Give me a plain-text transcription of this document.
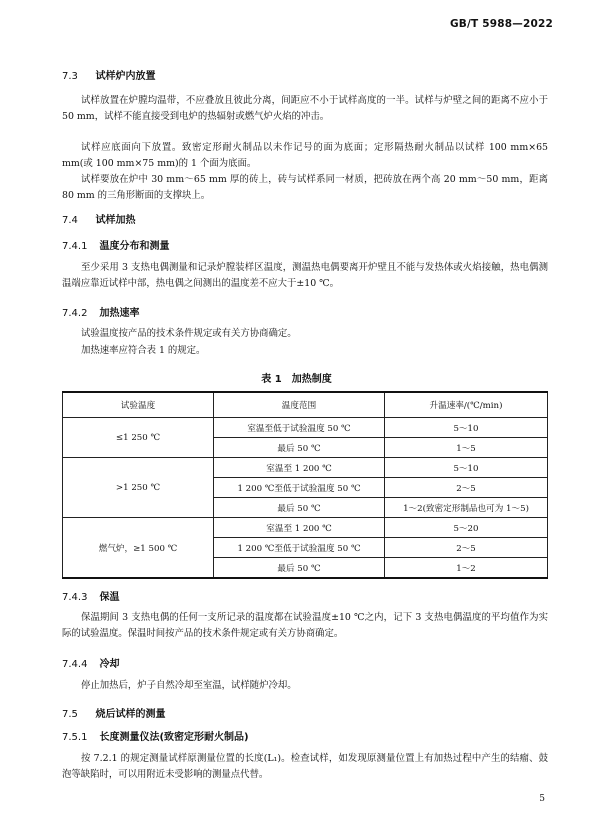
GB/T 5988—2022
7.3 试样炉内放置

试样放置在炉膛均温带，不应叠放且彼此分离，间距应不小于试样高度的一半。试样与炉壁之间的距离不应小于 50 mm，试样不能直接受到电炉的热辐射或燃气炉火焰的冲击。

试样应底面向下放置。致密定形耐火制品以未作记号的面为底面；定形隔热耐火制品以试样 100 mm×65 mm(或 100 mm×75 mm)的 1 个面为底面。

试样要放在炉中 30 mm～65 mm 厚的砖上，砖与试样系同一材质，把砖放在两个高 20 mm～50 mm，距离 80 mm 的三角形断面的支撑块上。

7.4 试样加热
7.4.1 温度分布和测量

至少采用 3 支热电偶测量和记录炉膛装样区温度，测温热电偶要离开炉壁且不能与发热体或火焰接触，热电偶测温端应靠近试样中部，热电偶之间测出的温度差不应大于±10 ℃。

7.4.2 加热速率

试验温度按产品的技术条件规定或有关方协商确定。

加热速率应符合表 1 的规定。

表 1　加热制度
试验温度	温度范围	升温速率/(℃/min)
≤1 250 ℃	室温至低于试验温度 50 ℃	5～10
	最后 50 ℃	1～5
>1 250 ℃	室温至 1 200 ℃	5～10
	1 200 ℃至低于试验温度 50 ℃	2～5
	最后 50 ℃	1～2(致密定形制品也可为 1～5)
燃气炉，≥1 500 ℃	室温至 1 200 ℃	5～20
	1 200 ℃至低于试验温度 50 ℃	2～5
	最后 50 ℃	1～2
7.4.3 保温

保温期间 3 支热电偶的任何一支所记录的温度都在试验温度±10 ℃之内，记下 3 支热电偶温度的平均值作为实际的试验温度。保温时间按产品的技术条件规定或有关方协商确定。

7.4.4 冷却

停止加热后，炉子自然冷却至室温，试样随炉冷却。

7.5 烧后试样的测量
7.5.1 长度测量仪法(致密定形耐火制品)

按 7.2.1 的规定测量试样原测量位置的长度(L₁)。检查试样，如发现原测量位置上有加热过程中产生的结瘤、鼓泡等缺陷时，可以用附近未受影响的测量点代替。

5
